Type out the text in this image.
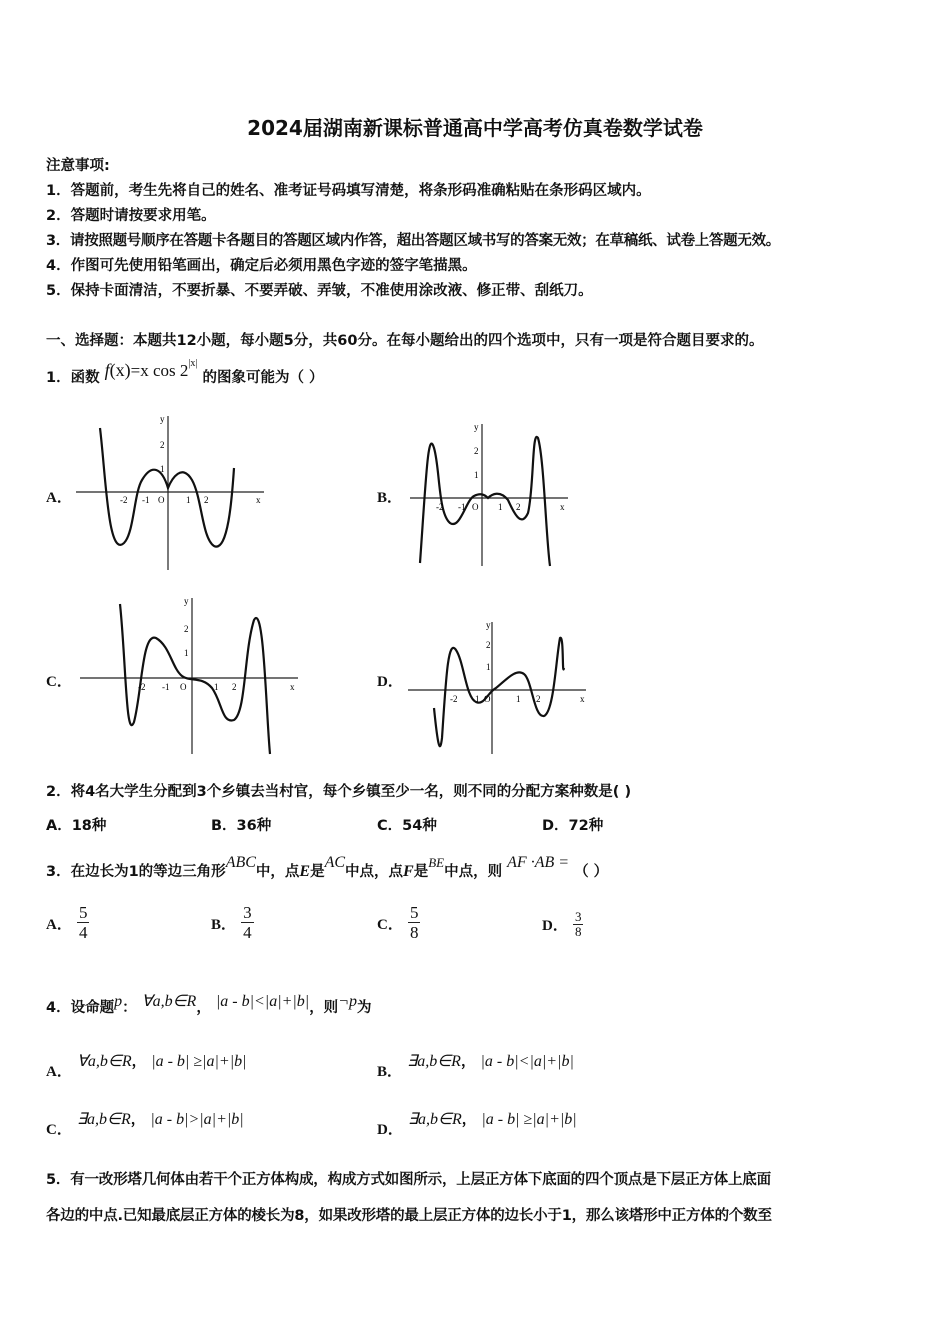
2024届湖南新课标普通高中学高考仿真卷数学试卷
注意事项:
1．答题前，考生先将自己的姓名、准考证号码填写清楚，将条形码准确粘贴在条形码区域内。
2．答题时请按要求用笔。
3．请按照题号顺序在答题卡各题目的答题区域内作答，超出答题区域书写的答案无效；在草稿纸、试卷上答题无效。
4．作图可先使用铅笔画出，确定后必须用黑色字迹的签字笔描黑。
5．保持卡面清洁，不要折暴、不要弄破、弄皱，不准使用涂改液、修正带、刮纸刀。
一、选择题：本题共12小题，每小题5分，共60分。在每小题给出的四个选项中，只有一项是符合题目要求的。
1．函数 f(x)=x $\cos 2^{|x|}$ 的图象可能为（ ）
A．	B．
C．	D．
x
y
-2 -1 O 1 2
2
1
x
y
-2 -1 O 1 2
2
1
x
y
-2 -1 O	1 2
2
1
x
y
-2 -1 O	1 2
2
1
2．将4名大学生分配到3个乡镇去当村官，每个乡镇至少一名，则不同的分配方案种数是( )
A．18种	B．36种	C．54种	D．72种
3．在边长为1的等边三角形ABC中，点E是AC中点，点F是BE中点，则 AF ·AB = （ ）
A． $\frac{5}{4}$	B． $\frac{3}{4}$	C． $\frac{5}{8}$	D． $\frac{3}{8}$
4．设命题p： ∀a,b∈R， |a - b|<|a|+|b|，则¬p为
A． ∀a,b∈R， |a - b| ≥|a|+|b|
B． ∃a,b∈R， |a - b|<|a|+|b|
C． ∃a,b∈R， |a - b|>|a|+|b|
D． ∃a,b∈R， |a - b| ≥|a|+|b|
5．有一改形塔几何体由若干个正方体构成，构成方式如图所示，上层正方体下底面的四个顶点是下层正方体上底面
各边的中点.已知最底层正方体的棱长为8，如果改形塔的最上层正方体的边长小于1，那么该塔形中正方体的个数至
